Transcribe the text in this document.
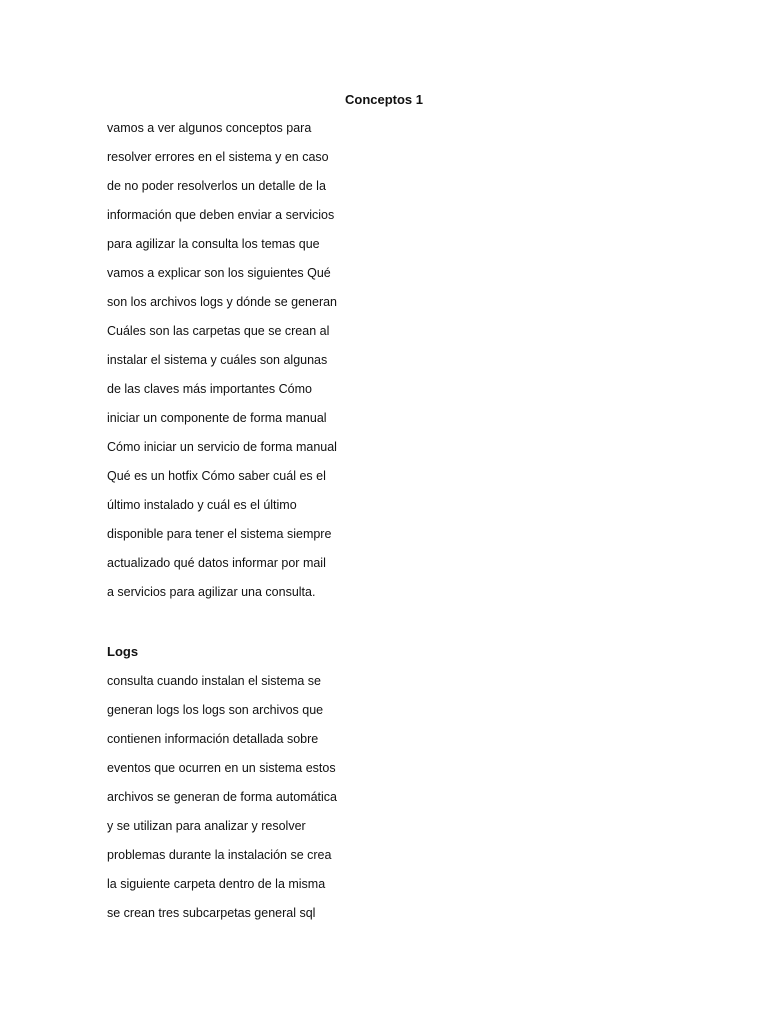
Conceptos 1
vamos a ver algunos conceptos para
resolver errores en el sistema y en caso
de no poder resolverlos un detalle de la
información que deben enviar a servicios
para agilizar la consulta los temas que
vamos a explicar son los siguientes Qué
son los archivos logs y dónde se generan
Cuáles son las carpetas que se crean al
instalar el sistema y cuáles son algunas
de las claves más importantes Cómo
iniciar un componente de forma manual
Cómo iniciar un servicio de forma manual
Qué es un hotfix Cómo saber cuál es el
último instalado y cuál es el último
disponible para tener el sistema siempre
actualizado qué datos informar por mail
a servicios para agilizar una consulta.
Logs
consulta cuando instalan el sistema se
generan logs los logs son archivos que
contienen información detallada sobre
eventos que ocurren en un sistema estos
archivos se generan de forma automática
y se utilizan para analizar y resolver
problemas durante la instalación se crea
la siguiente carpeta dentro de la misma
se crean tres subcarpetas general sql
